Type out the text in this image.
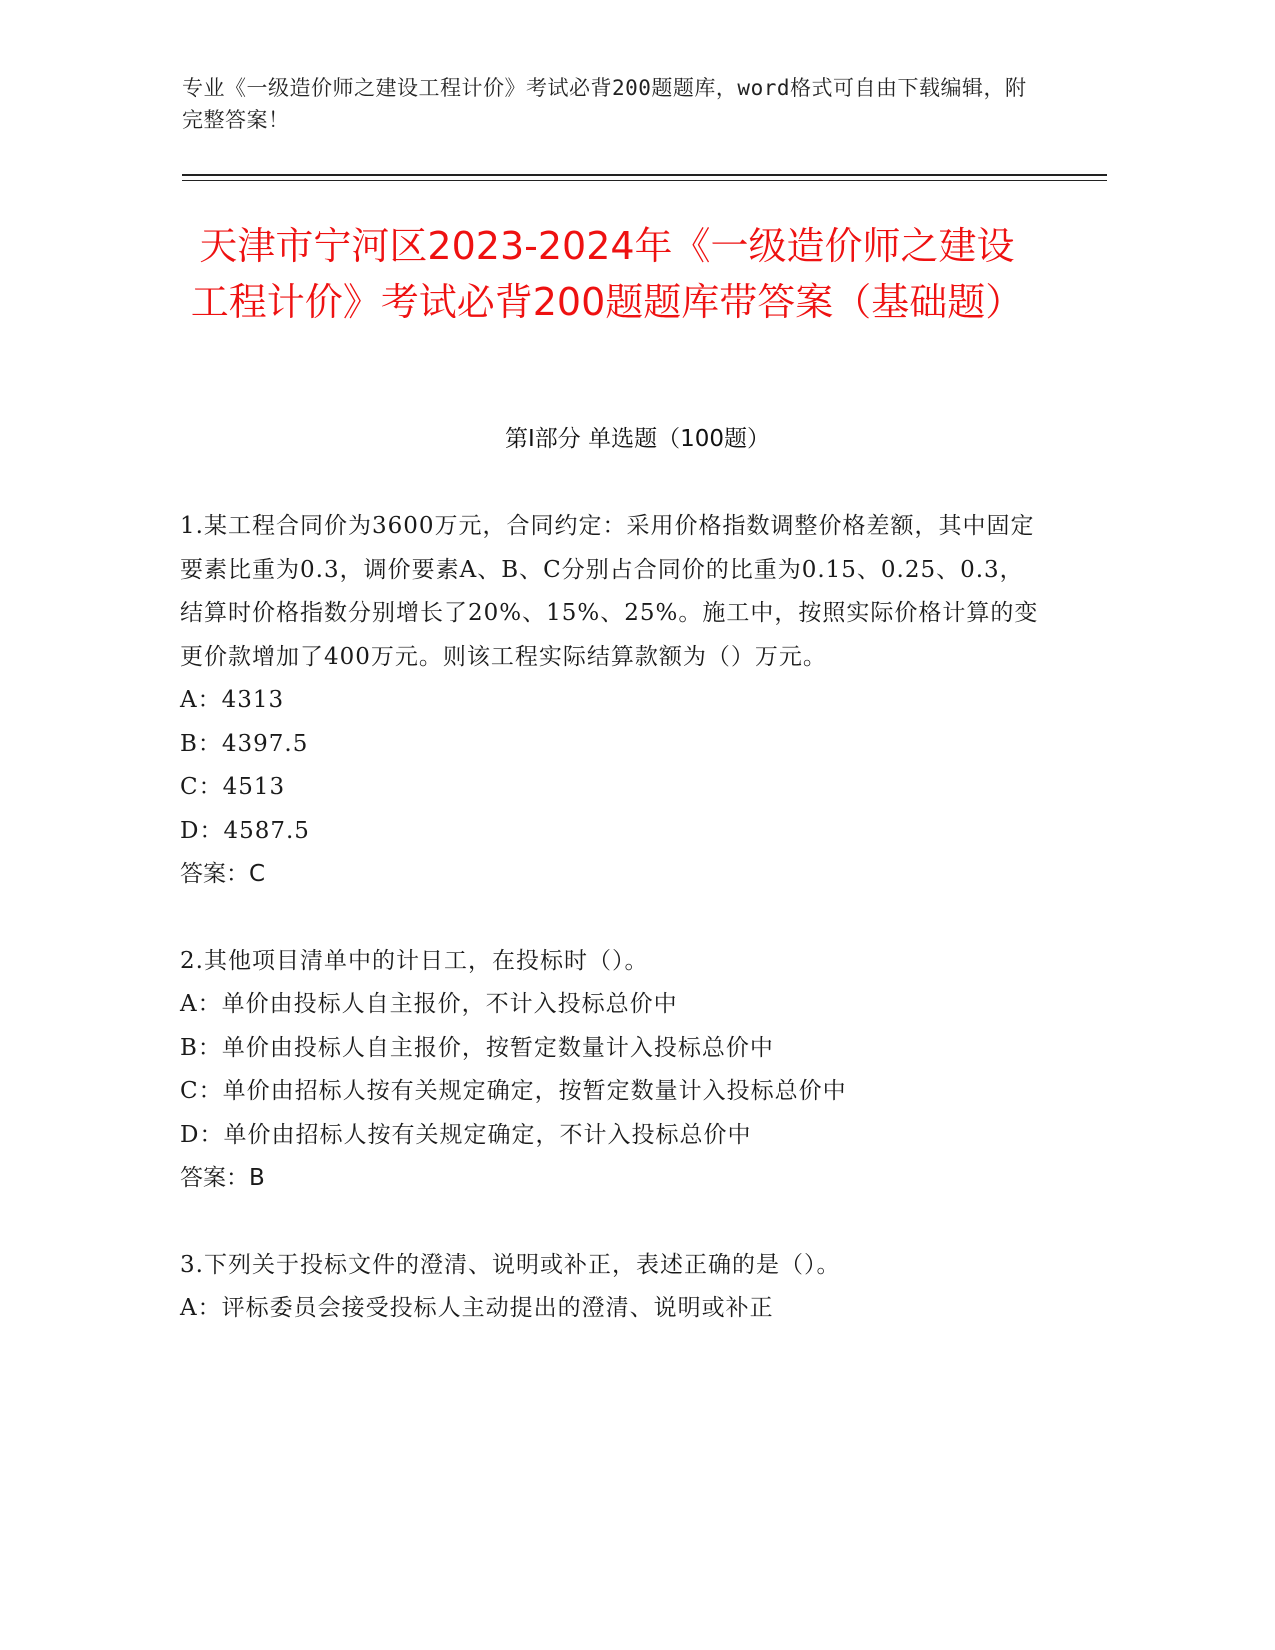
专业《一级造价师之建设工程计价》考试必背200题题库，word格式可自由下载编辑，附完整答案！
天津市宁河区2023-2024年《一级造价师之建设工程计价》考试必背200题题库带答案（基础题）
第I部分 单选题（100题）

1.某工程合同价为3600万元，合同约定：采用价格指数调整价格差额，其中固定要素比重为0.3，调价要素A、B、C分别占合同价的比重为0.15、0.25、0.3，结算时价格指数分别增长了20%、15%、25%。施工中，按照实际价格计算的变更价款增加了400万元。则该工程实际结算款额为（）万元。

A：4313

B：4397.5

C：4513

D：4587.5

答案：C

2.其他项目清单中的计日工，在投标时（）。

A：单价由投标人自主报价，不计入投标总价中

B：单价由投标人自主报价，按暂定数量计入投标总价中

C：单价由招标人按有关规定确定，按暂定数量计入投标总价中

D：单价由招标人按有关规定确定，不计入投标总价中

答案：B

3.下列关于投标文件的澄清、说明或补正，表述正确的是（）。

A：评标委员会接受投标人主动提出的澄清、说明或补正
